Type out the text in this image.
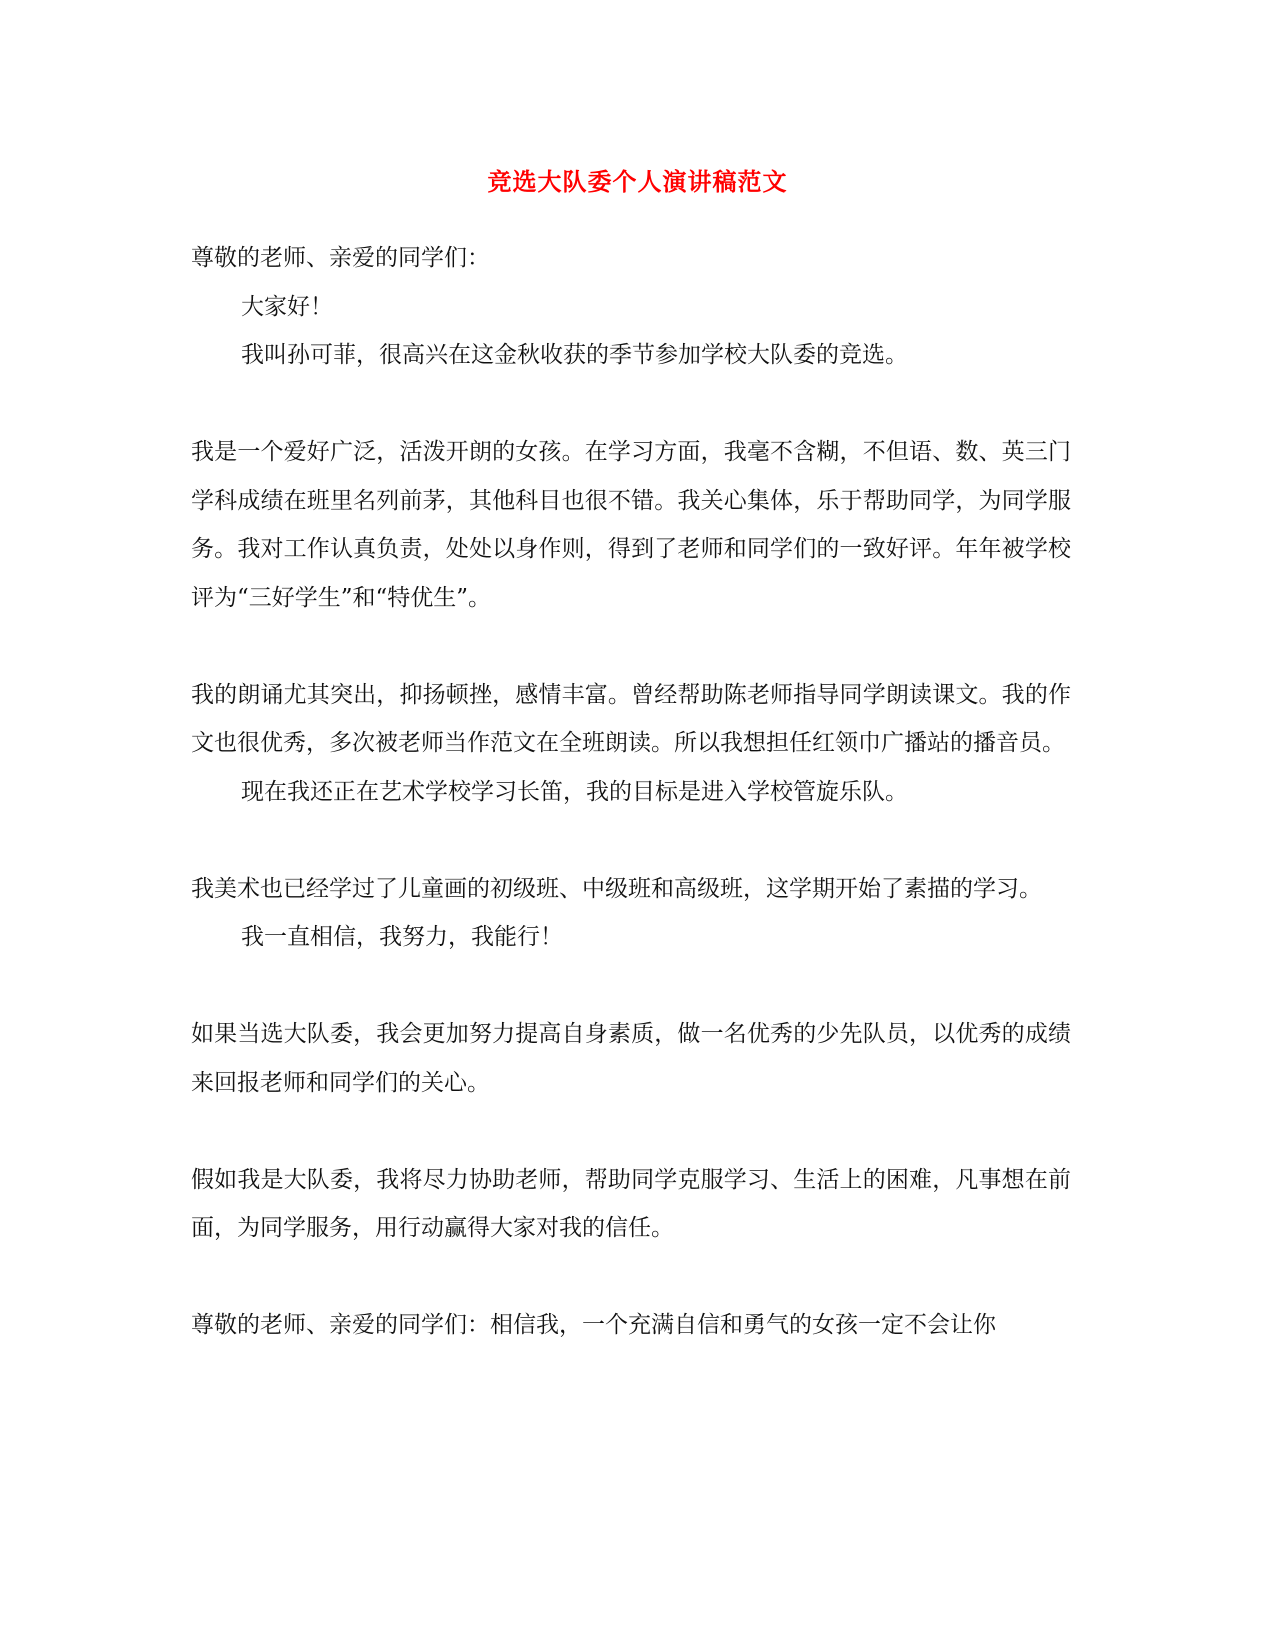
竞选大队委个人演讲稿范文

尊敬的老师、亲爱的同学们：

大家好！

我叫孙可菲，很高兴在这金秋收获的季节参加学校大队委的竞选。

我是一个爱好广泛，活泼开朗的女孩。在学习方面，我毫不含糊，不但语、数、英三门学科成绩在班里名列前茅，其他科目也很不错。我关心集体，乐于帮助同学，为同学服务。我对工作认真负责，处处以身作则，得到了老师和同学们的一致好评。年年被学校评为“三好学生”和“特优生”。

我的朗诵尤其突出，抑扬顿挫，感情丰富。曾经帮助陈老师指导同学朗读课文。我的作文也很优秀，多次被老师当作范文在全班朗读。所以我想担任红领巾广播站的播音员。

现在我还正在艺术学校学习长笛，我的目标是进入学校管旋乐队。

我美术也已经学过了儿童画的初级班、中级班和高级班，这学期开始了素描的学习。

我一直相信，我努力，我能行！

如果当选大队委，我会更加努力提高自身素质，做一名优秀的少先队员，以优秀的成绩来回报老师和同学们的关心。

假如我是大队委，我将尽力协助老师，帮助同学克服学习、生活上的困难，凡事想在前面，为同学服务，用行动赢得大家对我的信任。

尊敬的老师、亲爱的同学们：相信我，一个充满自信和勇气的女孩一定不会让你
